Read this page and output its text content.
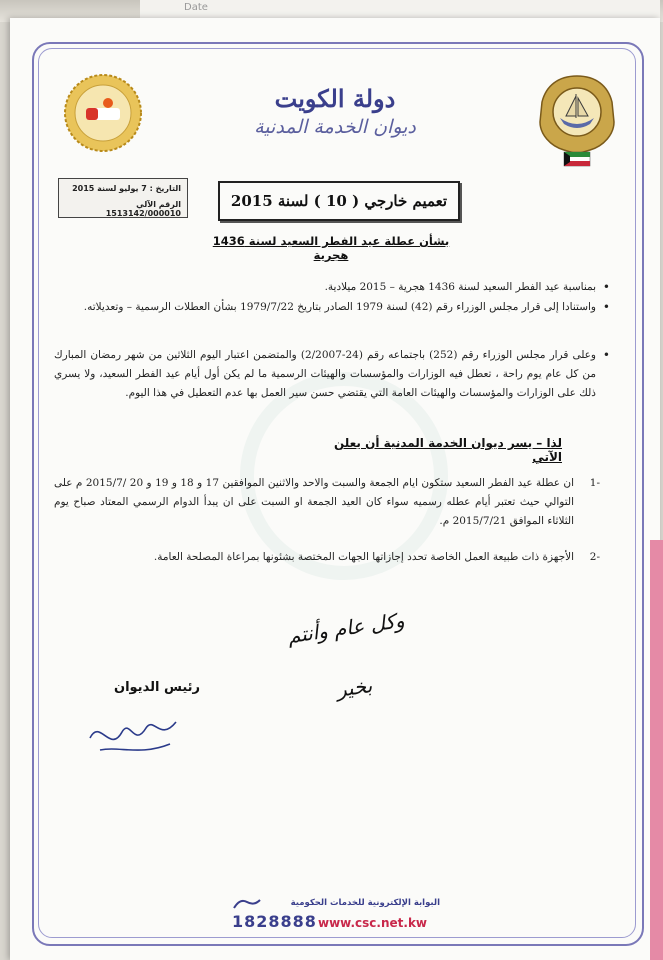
Date
دولة الكويت
ديوان الخدمة المدنية
التاريخ : 7 يوليو لسنة 2015
الرقم الآلي 1513142/000010
تعميم خارجي ( 10 ) لسنة 2015
بشأن عطلة عيد الفطر السعيد لسنة 1436 هجرية
• بمناسبة عيد الفطر السعيد لسنة 1436 هجرية – 2015 ميلادية.
• واستنادا إلى قرار مجلس الوزراء رقم (42) لسنة 1979 الصادر بتاريخ 1979/7/22 بشأن العطلات الرسمية – وتعديلاته.
• وعلى قرار مجلس الوزراء رقم (252) باجتماعه رقم (24-2/2007) والمتضمن اعتبار اليوم الثلاثين من شهر رمضان المبارك من كل عام يوم راحة ، تعطل فيه الوزارات والمؤسسات والهيئات الرسمية ما لم يكن أول أيام عيد الفطر السعيد، ولا يسري ذلك على الوزارات والمؤسسات والهيئات العامة التي يقتضي حسن سير العمل بها عدم التعطيل في هذا اليوم.
لذا – يسر ديوان الخدمة المدنية أن يعلن الآتي
-1
ان عطلة عيد الفطر السعيد ستكون ايام الجمعة والسبت والاحد والاثنين الموافقين 17 و 18 و 19 و 20 /2015/7 م على التوالي حيث تعتبر أيام عطله رسميه سواء كان العيد الجمعة او السبت على ان يبدأ الدوام الرسمي المعتاد صباح يوم الثلاثاء الموافق 2015/7/21 م.
-2
الأجهزة ذات طبيعة العمل الخاصة تحدد إجازاتها الجهات المختصة بشئونها بمراعاة المصلحة العامة.
وكل عام وأنتم بخير
رئيس الديوان
البوابة الإلكترونية للخدمات الحكومية
1828888 www.csc.net.kw
